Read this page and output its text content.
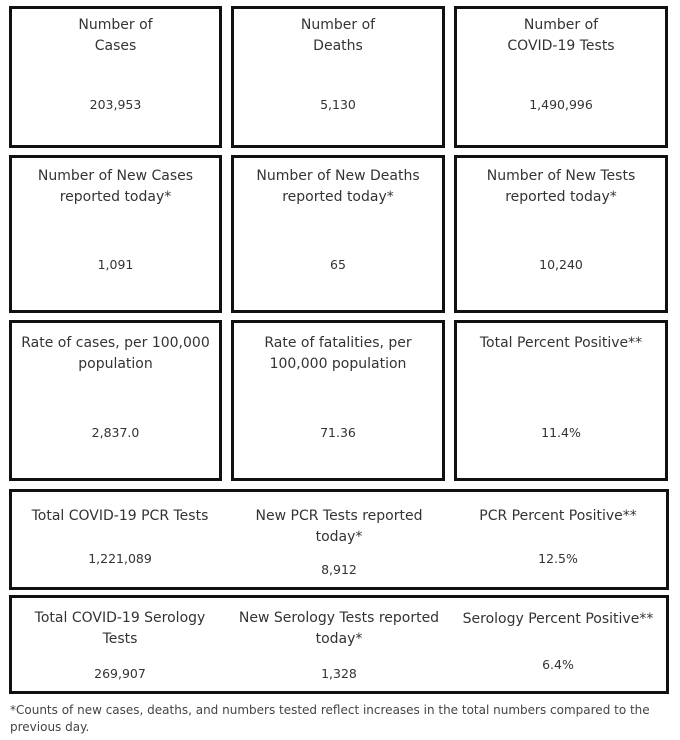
Number of
Cases
203,953
Number of
Deaths
5,130
Number of
COVID-19 Tests
1,490,996
Number of New Cases
reported today*
1,091
Number of New Deaths
reported today*
65
Number of New Tests
reported today*
10,240
Rate of cases, per 100,000
population
2,837.0
Rate of fatalities, per
100,000 population
71.36
Total Percent Positive**
11.4%
Total COVID-19 PCR Tests
1,221,089
New PCR Tests reported
today*
8,912
PCR Percent Positive**
12.5%
Total COVID-19 Serology
Tests
269,907
New Serology Tests reported
today*
1,328
Serology Percent Positive**
6.4%
*Counts of new cases, deaths, and numbers tested reflect increases in the total numbers compared to the previous day.
